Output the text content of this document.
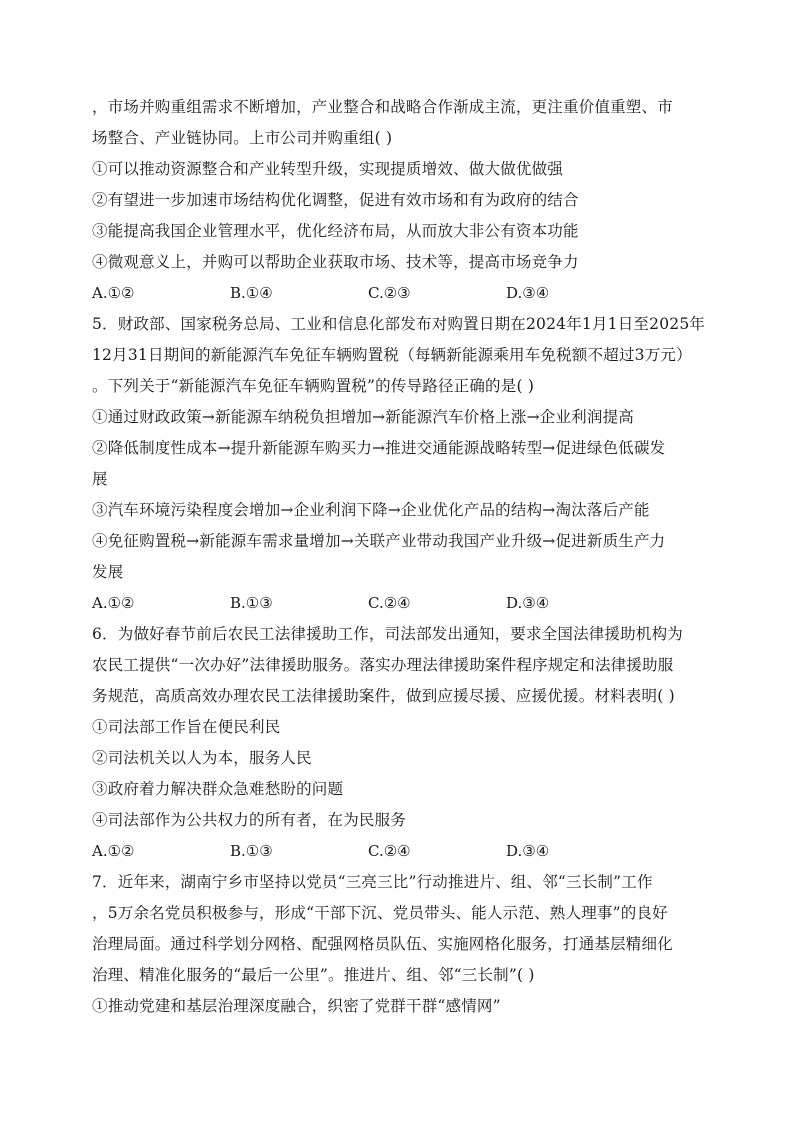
，市场并购重组需求不断增加，产业整合和战略合作渐成主流，更注重价值重塑、市
场整合、产业链协同。上市公司并购重组( )
①可以推动资源整合和产业转型升级，实现提质增效、做大做优做强
②有望进一步加速市场结构优化调整，促进有效市场和有为政府的结合
③能提高我国企业管理水平，优化经济布局，从而放大非公有资本功能
④微观意义上，并购可以帮助企业获取市场、技术等，提高市场竞争力
A.①②	B.①④	C.②③	D.③④
5．财政部、国家税务总局、工业和信息化部发布对购置日期在2024年1月1日至2025年
12月31日期间的新能源汽车免征车辆购置税（每辆新能源乘用车免税额不超过3万元）
。下列关于“新能源汽车免征车辆购置税”的传导路径正确的是( )
①通过财政政策→新能源车纳税负担增加→新能源汽车价格上涨→企业利润提高
②降低制度性成本→提升新能源车购买力→推进交通能源战略转型→促进绿色低碳发
展
③汽车环境污染程度会增加→企业利润下降→企业优化产品的结构→淘汰落后产能
④免征购置税→新能源车需求量增加→关联产业带动我国产业升级→促进新质生产力
发展
A.①②	B.①③	C.②④	D.③④
6．为做好春节前后农民工法律援助工作，司法部发出通知，要求全国法律援助机构为
农民工提供“一次办好”法律援助服务。落实办理法律援助案件程序规定和法律援助服
务规范，高质高效办理农民工法律援助案件，做到应援尽援、应援优援。材料表明( )
①司法部工作旨在便民利民
②司法机关以人为本，服务人民
③政府着力解决群众急难愁盼的问题
④司法部作为公共权力的所有者，在为民服务
A.①②	B.①③	C.②④	D.③④
7．近年来，湖南宁乡市坚持以党员“三亮三比”行动推进片、组、邻“三长制”工作
，5万余名党员积极参与，形成“干部下沉、党员带头、能人示范、熟人理事”的良好
治理局面。通过科学划分网格、配强网格员队伍、实施网格化服务，打通基层精细化
治理、精准化服务的“最后一公里”。推进片、组、邻“三长制”( )
①推动党建和基层治理深度融合，织密了党群干群“感情网”
